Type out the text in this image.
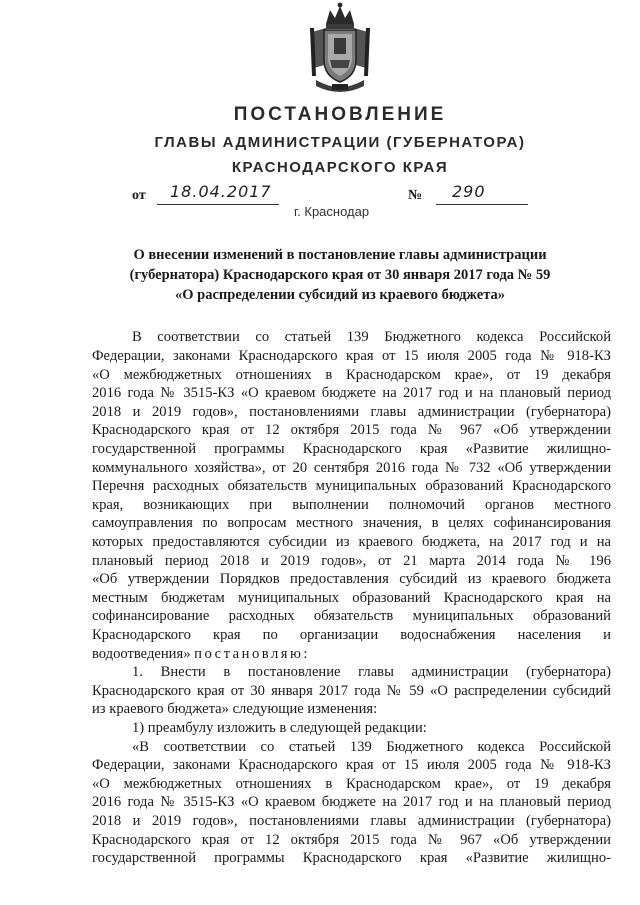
ПОСТАНОВЛЕНИЕ
ГЛАВЫ АДМИНИСТРАЦИИ (ГУБЕРНАТОРА)
КРАСНОДАРСКОГО КРАЯ
от 18.04.2017	№ 290
г. Краснодар
О внесении изменений в постановление главы администрации
(губернатора) Краснодарского края от 30 января 2017 года № 59
«О распределении субсидий из краевого бюджета»
В соответствии со статьей 139 Бюджетного кодекса Российской
Федерации, законами Краснодарского края от 15 июля 2005 года № 918-КЗ
«О межбюджетных отношениях в Краснодарском крае», от 19 декабря
2016 года № 3515-КЗ «О краевом бюджете на 2017 год и на плановый период
2018 и 2019 годов», постановлениями главы администрации (губернатора)
Краснодарского края от 12 октября 2015 года № 967 «Об утверждении
государственной программы Краснодарского края «Развитие жилищно-
коммунального хозяйства», от 20 сентября 2016 года № 732 «Об утверждении
Перечня расходных обязательств муниципальных образований Краснодарского
края, возникающих при выполнении полномочий органов местного
самоуправления по вопросам местного значения, в целях софинансирования
которых предоставляются субсидии из краевого бюджета, на 2017 год и на
плановый период 2018 и 2019 годов», от 21 марта 2014 года № 196
«Об утверждении Порядков предоставления субсидий из краевого бюджета
местным бюджетам муниципальных образований Краснодарского края на
софинансирование расходных обязательств муниципальных образований
Краснодарского края по организации водоснабжения населения и
водоотведения» постановляю:
1. Внести в постановление главы администрации (губернатора)
Краснодарского края от 30 января 2017 года № 59 «О распределении субсидий
из краевого бюджета» следующие изменения:
1) преамбулу изложить в следующей редакции:
«В соответствии со статьей 139 Бюджетного кодекса Российской
Федерации, законами Краснодарского края от 15 июля 2005 года № 918-КЗ
«О межбюджетных отношениях в Краснодарском крае», от 19 декабря
2016 года № 3515-КЗ «О краевом бюджете на 2017 год и на плановый период
2018 и 2019 годов», постановлениями главы администрации (губернатора)
Краснодарского края от 12 октября 2015 года № 967 «Об утверждении
государственной программы Краснодарского края «Развитие жилищно-
